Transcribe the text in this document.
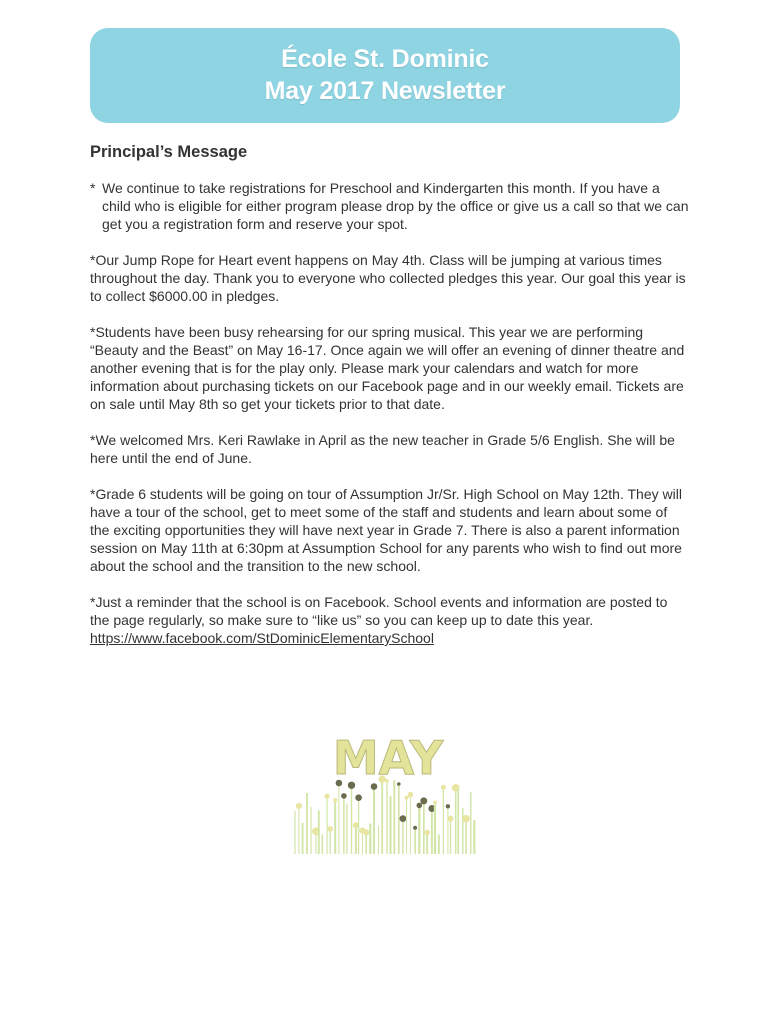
École St. Dominic
May 2017 Newsletter
Principal’s Message
* We continue to take registrations for Preschool and Kindergarten this month. If you have a child who is eligible for either program please drop by the office or give us a call so that we can get you a registration form and reserve your spot.

*Our Jump Rope for Heart event happens on May 4th. Class will be jumping at various times throughout the day. Thank you to everyone who collected pledges this year. Our goal this year is to collect $6000.00 in pledges.

*Students have been busy rehearsing for our spring musical. This year we are performing “Beauty and the Beast” on May 16-17. Once again we will offer an evening of dinner theatre and another evening that is for the play only. Please mark your calendars and watch for more information about purchasing tickets on our Facebook page and in our weekly email. Tickets are on sale until May 8th so get your tickets prior to that date.

*We welcomed Mrs. Keri Rawlake in April as the new teacher in Grade 5/6 English. She will be here until the end of June.

*Grade 6 students will be going on tour of Assumption Jr/Sr. High School on May 12th. They will have a tour of the school, get to meet some of the staff and students and learn about some of the exciting opportunities they will have next year in Grade 7. There is also a parent information session on May 11th at 6:30pm at Assumption School for any parents who wish to find out more about the school and the transition to the new school.

*Just a reminder that the school is on Facebook. School events and information are posted to the page regularly, so make sure to “like us” so you can keep up to date this year.

https://www.facebook.com/StDominicElementarySchool
MAY
